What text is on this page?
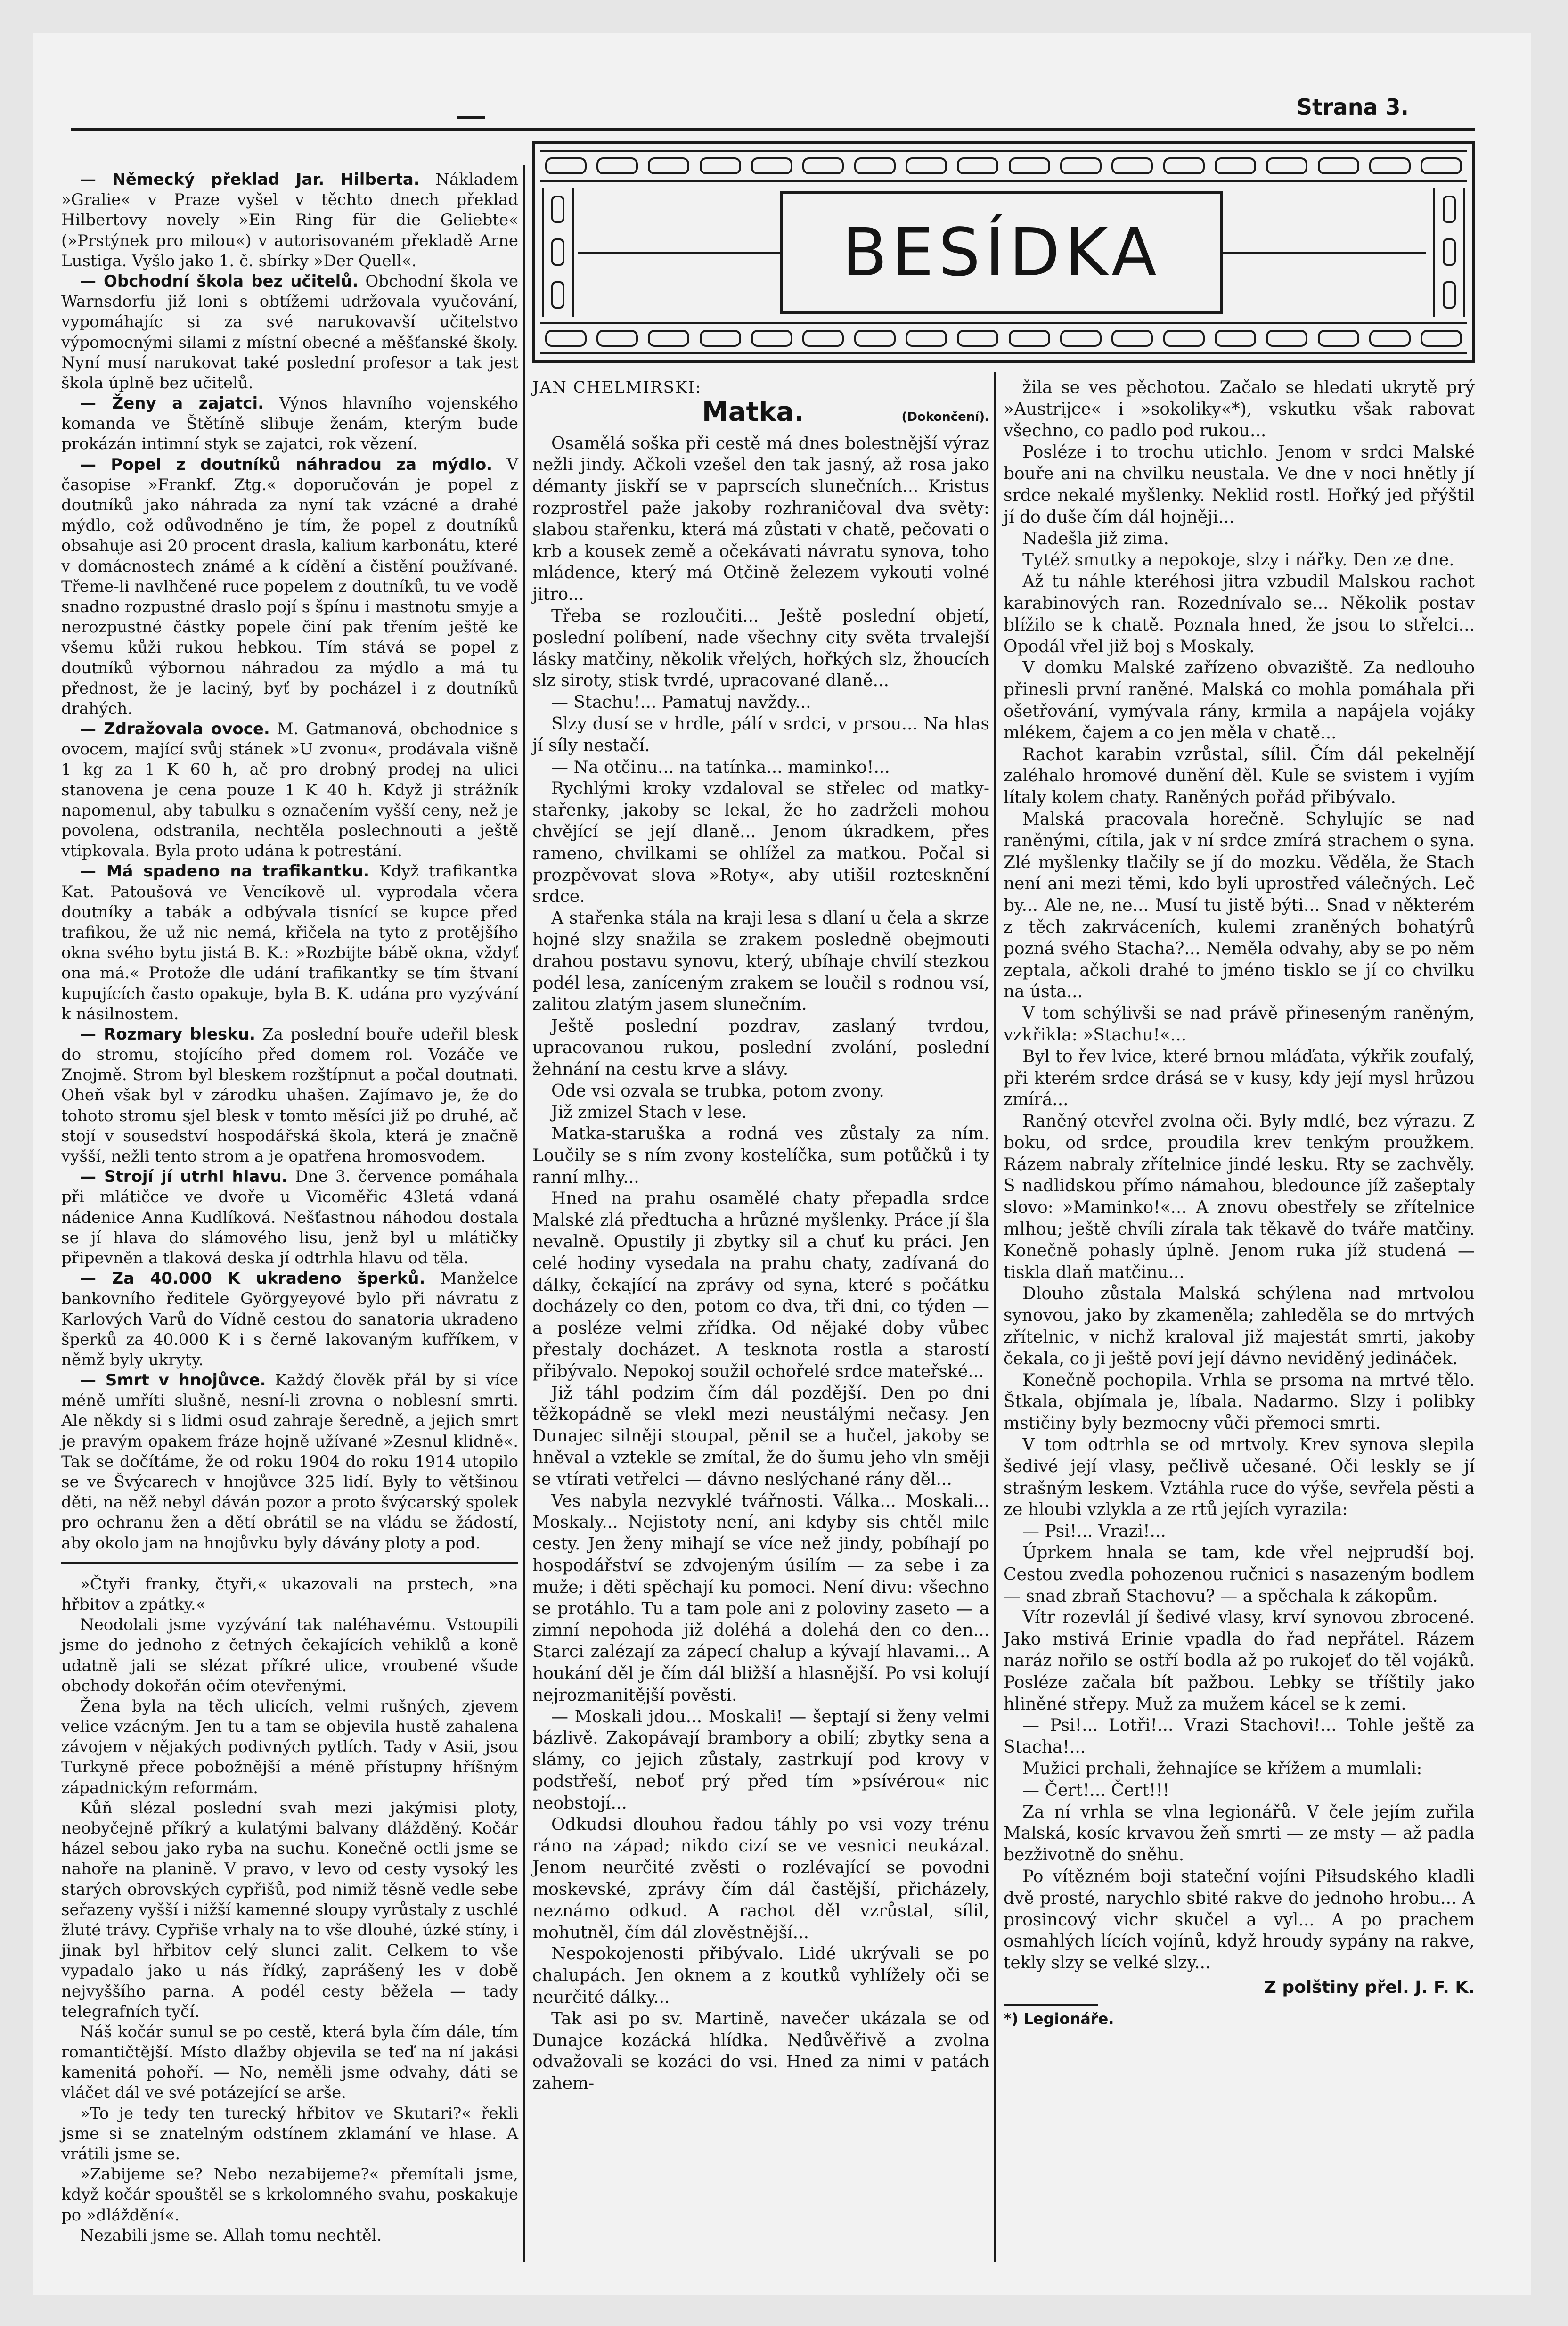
Strana 3.

— Německý překlad Jar. Hilberta. Nákladem »Gralie« v Praze vyšel v těchto dnech překlad Hilbertovy novely »Ein Ring für die Geliebte« (»Prstýnek pro milou«) v autorisovaném překladě Arne Lustiga. Vyšlo jako 1. č. sbírky »Der Quell«.

— Obchodní škola bez učitelů. Obchodní škola ve Warnsdorfu již loni s obtížemi udržovala vyučování, vypomáhajíc si za své narukovavší učitelstvo výpomocnými silami z místní obecné a měšťanské školy. Nyní musí narukovat také poslední profesor a tak jest škola úplně bez učitelů.

— Ženy a zajatci. Výnos hlavního vojenského komanda ve Štětíně slibuje ženám, kterým bude prokázán intimní styk se zajatci, rok vězení.

— Popel z doutníků náhradou za mýdlo. V časopise »Frankf. Ztg.« doporučován je popel z doutníků jako náhrada za nyní tak vzácné a drahé mýdlo, což odůvodněno je tím, že popel z doutníků obsahuje asi 20 procent drasla, kalium karbonátu, které v domácnostech známé a k cídění a čistění používané. Třeme-li navlhčené ruce popelem z doutníků, tu ve vodě snadno rozpustné draslo pojí s špínu i mastnotu smyje a nerozpustné částky popele činí pak třením ještě ke všemu kůži rukou hebkou. Tím stává se popel z doutníků výbornou náhradou za mýdlo a má tu přednost, že je laciný, byť by pocházel i z doutníků drahých.

— Zdražovala ovoce. M. Gatmanová, obchodnice s ovocem, mající svůj stánek »U zvonu«, prodávala višně 1 kg za 1 K 60 h, ač pro drobný prodej na ulici stanovena je cena pouze 1 K 40 h. Když ji strážník napomenul, aby tabulku s označením vyšší ceny, než je povolena, odstranila, nechtěla poslechnouti a ještě vtipkovala. Byla proto udána k potrestání.

— Má spadeno na trafikantku. Když trafikantka Kat. Patoušová ve Vencíkově ul. vyprodala včera doutníky a tabák a odbývala tisnící se kupce před trafikou, že už nic nemá, křičela na tyto z protějšího okna svého bytu jistá B. K.: »Rozbijte bábě okna, vždyť ona má.« Protože dle udání trafikantky se tím štvaní kupujících často opakuje, byla B. K. udána pro vyzývání k násilnostem.

— Rozmary blesku. Za poslední bouře udeřil blesk do stromu, stojícího před domem rol. Vozáče ve Znojmě. Strom byl bleskem rozštípnut a počal doutnati. Oheň však byl v zárodku uhašen. Zajímavo je, že do tohoto stromu sjel blesk v tomto měsíci již po druhé, ač stojí v sousedství hospodářská škola, která je značně vyšší, nežli tento strom a je opatřena hromosvodem.

— Strojí jí utrhl hlavu. Dne 3. července pomáhala při mlátičce ve dvoře u Vicoměřic 43letá vdaná nádenice Anna Kudlíková. Nešťastnou náhodou dostala se jí hlava do slámového lisu, jenž byl u mlátičky připevněn a tlaková deska jí odtrhla hlavu od těla.

— Za 40.000 K ukradeno šperků. Manželce bankovního ředitele Györgyeyové bylo při návratu z Karlových Varů do Vídně cestou do sanatoria ukradeno šperků za 40.000 K i s černě lakovaným kufříkem, v němž byly ukryty.

— Smrt v hnojůvce. Každý člověk přál by si více méně umříti slušně, nesní-li zrovna o noblesní smrti. Ale někdy si s lidmi osud zahraje šeredně, a jejich smrt je pravým opakem fráze hojně užívané »Zesnul klidně«. Tak se dočítáme, že od roku 1904 do roku 1914 utopilo se ve Švýcarech v hnojůvce 325 lidí. Byly to většinou děti, na něž nebyl dáván pozor a proto švýcarský spolek pro ochranu žen a dětí obrátil se na vládu se žádostí, aby okolo jam na hnojůvku byly dávány ploty a pod.

»Čtyři franky, čtyři,« ukazovali na prstech, »na hřbitov a zpátky.«

Neodolali jsme vyzývání tak naléhavému. Vstoupili jsme do jednoho z četných čekajících vehiklů a koně udatně jali se slézat příkré ulice, vroubené všude obchody dokořán očím otevřenými.

Žena byla na těch ulicích, velmi rušných, zjevem velice vzácným. Jen tu a tam se objevila hustě zahalena závojem v nějakých podivných pytlích. Tady v Asii, jsou Turkyně přece pobožnější a méně přístupny hříšným západnickým reformám.

Kůň slézal poslední svah mezi jakýmisi ploty, neobyčejně příkrý a kulatými balvany dlážděný. Kočár házel sebou jako ryba na suchu. Konečně octli jsme se nahoře na planině. V pravo, v levo od cesty vysoký les starých obrovských cypřišů, pod nimiž těsně vedle sebe seřazeny vyšší i nižší kamenné sloupy vyrůstaly z uschlé žluté trávy. Cypřiše vrhaly na to vše dlouhé, úzké stíny, i jinak byl hřbitov celý slunci zalit. Celkem to vše vypadalo jako u nás řídký, zaprášený les v době nejvyššího parna. A podél cesty běžela — tady telegrafních tyčí.

Náš kočár sunul se po cestě, která byla čím dále, tím romantičtější. Místo dlažby objevila se teď na ní jakási kamenitá pohoří. — No, neměli jsme odvahy, dáti se vláčet dál ve své potázející se arše.

»To je tedy ten turecký hřbitov ve Skutari?« řekli jsme si se znatelným odstínem zklamání ve hlase. A vrátili jsme se.

»Zabijeme se? Nebo nezabijeme?« přemítali jsme, když kočár spouštěl se s krkolomného svahu, poskakuje po »dláždění«.

Nezabili jsme se. Allah tomu nechtěl.

BESÍDKA
JAN CHELMIRSKI:
Matka.	(Dokončení).

Osamělá soška při cestě má dnes bolestnější výraz nežli jindy. Ačkoli vzešel den tak jasný, až rosa jako démanty jiskří se v paprscích slunečních... Kristus rozprostřel paže jakoby rozhraničoval dva světy: slabou stařenku, která má zůstati v chatě, pečovati o krb a kousek země a očekávati návratu synova, toho mládence, který má Otčině železem vykouti volné jitro...

Třeba se rozloučiti... Ještě poslední objetí, poslední políbení, nade všechny city světa trvalejší lásky matčiny, několik vřelých, hořkých slz, žhoucích slz siroty, stisk tvrdé, upracované dlaně...

— Stachu!... Pamatuj navždy...

Slzy dusí se v hrdle, pálí v srdci, v prsou... Na hlas jí síly nestačí.

— Na otčinu... na tatínka... maminko!...

Rychlými kroky vzdaloval se střelec od matky-stařenky, jakoby se lekal, že ho zadrželi mohou chvějící se její dlaně... Jenom úkradkem, přes rameno, chvilkami se ohlížel za matkou. Počal si prozpěvovat slova »Roty«, aby utišil roztesknění srdce.

A stařenka stála na kraji lesa s dlaní u čela a skrze hojné slzy snažila se zrakem posledně obejmouti drahou postavu synovu, který, ubíhaje chvilí stezkou podél lesa, zaníceným zrakem se loučil s rodnou vsí, zalitou zlatým jasem slunečním.

Ještě poslední pozdrav, zaslaný tvrdou, upracovanou rukou, poslední zvolání, poslední žehnání na cestu krve a slávy.

Ode vsi ozvala se trubka, potom zvony.

Již zmizel Stach v lese.

Matka-staruška a rodná ves zůstaly za ním. Loučily se s ním zvony kostelíčka, sum potůčků i ty ranní mlhy...

Hned na prahu osamělé chaty přepadla srdce Malské zlá předtucha a hrůzné myšlenky. Práce jí šla nevalně. Opustily ji zbytky sil a chuť ku práci. Jen celé hodiny vysedala na prahu chaty, zadívaná do dálky, čekající na zprávy od syna, které s počátku docházely co den, potom co dva, tři dni, co týden — a posléze velmi zřídka. Od nějaké doby vůbec přestaly docházet. A tesknota rostla a starostí přibývalo. Nepokoj soužil ochořelé srdce mateřské...

Již táhl podzim čím dál pozdější. Den po dni těžkopádně se vlekl mezi neustálými nečasy. Jen Dunajec silněji stoupal, pěnil se a hučel, jakoby se hněval a vztekle se zmítal, že do šumu jeho vln směji se vtírati vetřelci — dávno neslýchané rány děl...

Ves nabyla nezvyklé tvářnosti. Válka... Moskali... Moskaly... Nejistoty není, ani kdyby sis chtěl mile cesty. Jen ženy mihají se více než jindy, pobíhají po hospodářství se zdvojeným úsilím — za sebe i za muže; i děti spěchají ku pomoci. Není divu: všechno se protáhlo. Tu a tam pole ani z poloviny zaseto — a zimní nepohoda již doléhá a dolehá den co den... Starci zalézají za zápecí chalup a kývají hlavami... A houkání děl je čím dál bližší a hlasnější. Po vsi kolují nejrozmanitější pověsti.

— Moskali jdou... Moskali! — šeptají si ženy velmi bázlivě. Zakopávají brambory a obilí; zbytky sena a slámy, co jejich zůstaly, zastrkují pod krovy v podstřeší, neboť prý před tím »psívérou« nic neobstojí...

Odkudsi dlouhou řadou táhly po vsi vozy trénu ráno na západ; nikdo cizí se ve vesnici neukázal. Jenom neurčité zvěsti o rozlévající se povodni moskevské, zprávy čím dál častější, přicházely, neznámo odkud. A rachot děl vzrůstal, sílil, mohutněl, čím dál zlověstnější...

Nespokojenosti přibývalo. Lidé ukrývali se po chalupách. Jen oknem a z koutků vyhlížely oči se neurčité dálky...

Tak asi po sv. Martině, navečer ukázala se od Dunajce kozácká hlídka. Nedůvěřivě a zvolna odvažovali se kozáci do vsi. Hned za nimi v patách zahem-

žila se ves pěchotou. Začalo se hledati ukrytě prý »Austrijce« i »sokoliky«*), vskutku však rabovat všechno, co padlo pod rukou...

Posléze i to trochu utichlo. Jenom v srdci Malské bouře ani na chvilku neustala. Ve dne v noci hnětly jí srdce nekalé myšlenky. Neklid rostl. Hořký jed přýštil jí do duše čím dál hojněji...

Nadešla již zima.

Tytéž smutky a nepokoje, slzy i nářky. Den ze dne.

Až tu náhle kteréhosi jitra vzbudil Malskou rachot karabinových ran. Rozednívalo se... Několik postav blížilo se k chatě. Poznala hned, že jsou to střelci... Opodál vřel již boj s Moskaly.

V domku Malské zařízeno obvaziště. Za nedlouho přinesli první raněné. Malská co mohla pomáhala při ošetřování, vymývala rány, krmila a napájela vojáky mlékem, čajem a co jen měla v chatě...

Rachot karabin vzrůstal, sílil. Čím dál pekelnějí zaléhalo hromové dunění děl. Kule se svistem i vyjím lítaly kolem chaty. Raněných pořád přibývalo.

Malská pracovala horečně. Schylujíc se nad raněnými, cítila, jak v ní srdce zmírá strachem o syna. Zlé myšlenky tlačily se jí do mozku. Věděla, že Stach není ani mezi těmi, kdo byli uprostřed válečných. Leč by... Ale ne, ne... Musí tu jistě býti... Snad v některém z těch zakrváceních, kulemi zraněných bohatýrů pozná svého Stacha?... Neměla odvahy, aby se po něm zeptala, ačkoli drahé to jméno tisklo se jí co chvilku na ústa...

V tom schýlivši se nad právě přineseným raněným, vzkřikla: »Stachu!«...

Byl to řev lvice, které brnou mláďata, výkřik zoufalý, při kterém srdce drásá se v kusy, kdy její mysl hrůzou zmírá...

Raněný otevřel zvolna oči. Byly mdlé, bez výrazu. Z boku, od srdce, proudila krev tenkým proužkem. Rázem nabraly zřítelnice jindé lesku. Rty se zachvěly. S nadlidskou přímo námahou, bledounce jíž zašeptaly slovo: »Maminko!«... A znovu obestřely se zřítelnice mlhou; ještě chvíli zírala tak těkavě do tváře matčiny. Konečně pohasly úplně. Jenom ruka jíž studená — tiskla dlaň matčinu...

Dlouho zůstala Malská schýlena nad mrtvolou synovou, jako by zkameněla; zahleděla se do mrtvých zřítelnic, v nichž kraloval již majestát smrti, jakoby čekala, co ji ještě poví její dávno neviděný jedináček.

Konečně pochopila. Vrhla se prsoma na mrtvé tělo. Štkala, objímala je, líbala. Nadarmo. Slzy i polibky mstičiny byly bezmocny vůči přemoci smrti.

V tom odtrhla se od mrtvoly. Krev synova slepila šedivé její vlasy, pečlivě učesané. Oči leskly se jí strašným leskem. Vztáhla ruce do výše, sevřela pěsti a ze hloubi vzlykla a ze rtů jejích vyrazila:

— Psi!... Vrazi!...

Úprkem hnala se tam, kde vřel nejprudší boj. Cestou zvedla pohozenou ručnici s nasazeným bodlem — snad zbraň Stachovu? — a spěchala k zákopům.

Vítr rozevlál jí šedivé vlasy, krví synovou zbrocené. Jako mstivá Erinie vpadla do řad nepřátel. Rázem naráz nořilo se ostří bodla až po rukojeť do těl vojáků. Posléze začala bít pažbou. Lebky se tříštily jako hliněné střepy. Muž za mužem kácel se k zemi.

— Psi!... Lotři!... Vrazi Stachovi!... Tohle ještě za Stacha!...

Mužici prchali, žehnajíce se křížem a mumlali:

— Čert!... Čert!!!

Za ní vrhla se vlna legionářů. V čele jejím zuřila Malská, kosíc krvavou žeň smrti — ze msty — až padla bezživotně do sněhu.

Po vítězném boji stateční vojíni Piłsudského kladli dvě prosté, narychlo sbité rakve do jednoho hrobu... A prosincový vichr skučel a vyl... A po prachem osmahlých lících vojínů, když hroudy sypány na rakve, tekly slzy se velké slzy...

Z polštiny přel. J. F. K.
*) Legionáře.
